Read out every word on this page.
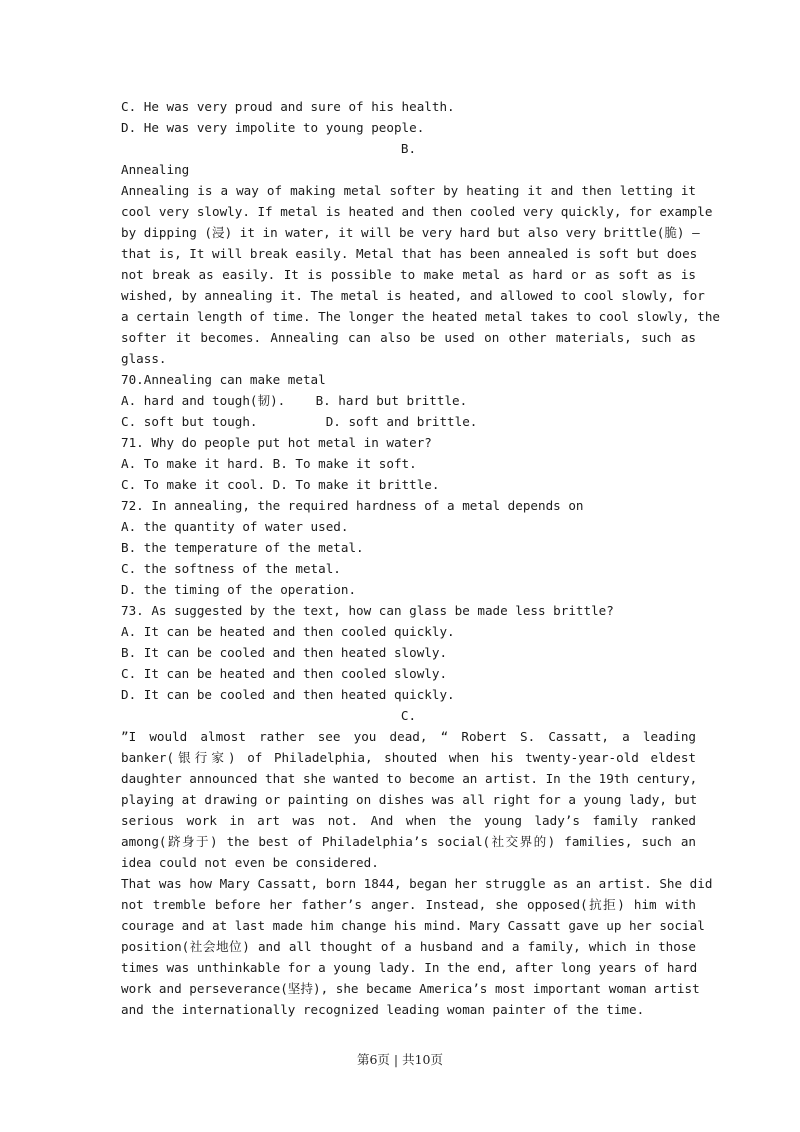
C. He was very proud and sure of his health.
D. He was very impolite to young people.
B.
Annealing
Annealing is a way of making metal softer by heating it and then letting it
cool very slowly. If metal is heated and then cooled very quickly, for example
by dipping (浸) it in water, it will be very hard but also very brittle(脆) —
that is, It will break easily. Metal that has been annealed is soft but does
not break as easily. It is possible to make metal as hard or as soft as is
wished, by annealing it. The metal is heated, and allowed to cool slowly, for
a certain length of time. The longer the heated metal takes to cool slowly, the
softer it becomes. Annealing can also be used on other materials, such as
glass.
70.Annealing can make metal
A. hard and tough(韧).    B. hard but brittle.
C. soft but tough.         D. soft and brittle.
71. Why do people put hot metal in water?
A. To make it hard. B. To make it soft.
C. To make it cool. D. To make it brittle.
72. In annealing, the required hardness of a metal depends on
A. the quantity of water used.
B. the temperature of the metal.
C. the softness of the metal.
D. the timing of the operation.
73. As suggested by the text, how can glass be made less brittle?
A. It can be heated and then cooled quickly.
B. It can be cooled and then heated slowly.
C. It can be heated and then cooled slowly.
D. It can be cooled and then heated quickly.
C.
”I would almost rather see you dead, “ Robert S. Cassatt, a leading
banker(银行家) of Philadelphia, shouted when his twenty-year-old eldest
daughter announced that she wanted to become an artist. In the 19th century,
playing at drawing or painting on dishes was all right for a young lady, but
serious work in art was not. And when the young lady’s family ranked
among(跻身于) the best of Philadelphia’s social(社交界的) families, such an
idea could not even be considered.
That was how Mary Cassatt, born 1844, began her struggle as an artist. She did
not tremble before her father’s anger. Instead, she opposed(抗拒) him with
courage and at last made him change his mind. Mary Cassatt gave up her social
position(社会地位) and all thought of a husband and a family, which in those
times was unthinkable for a young lady. In the end, after long years of hard
work and perseverance(坚持), she became America’s most important woman artist
and the internationally recognized leading woman painter of the time.
第6页 | 共10页
